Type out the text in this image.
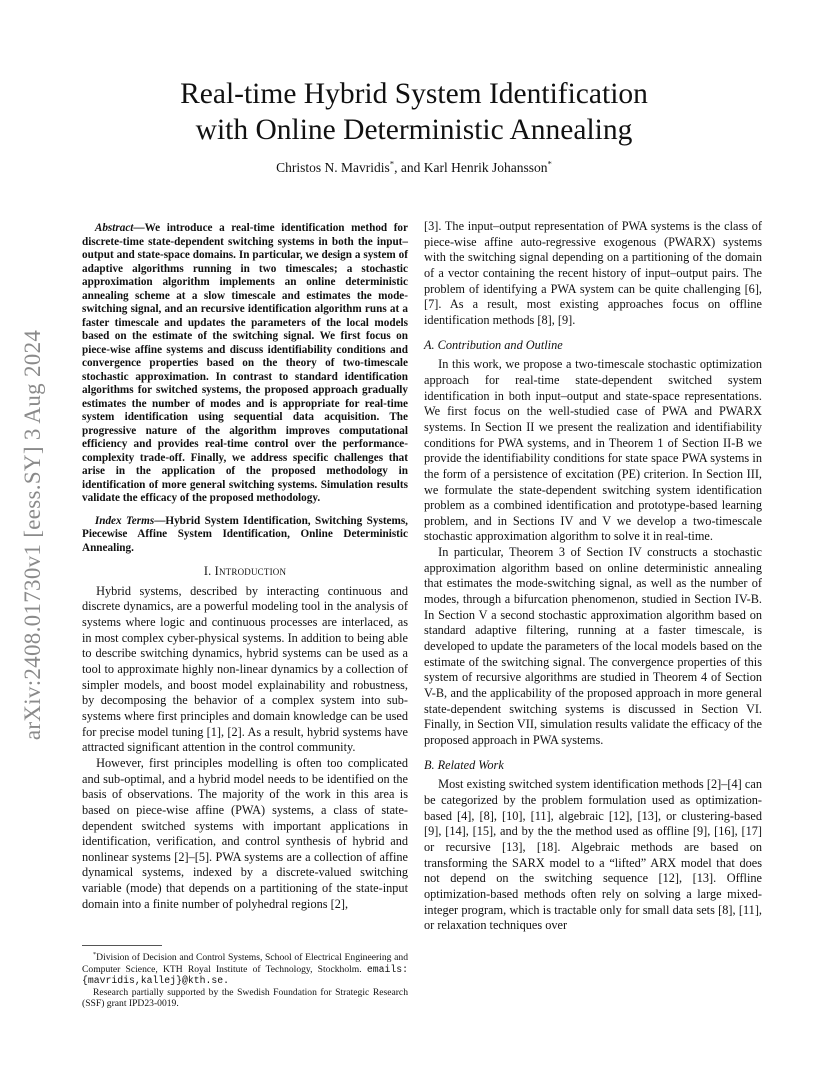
arXiv:2408.01730v1 [eess.SY] 3 Aug 2024
Real-time Hybrid System Identification
with Online Deterministic Annealing

Christos N. Mavridis*, and Karl Henrik Johansson*

Abstract—We introduce a real-time identification method for discrete-time state-dependent switching systems in both the input–output and state-space domains. In particular, we design a system of adaptive algorithms running in two timescales; a stochastic approximation algorithm implements an online deterministic annealing scheme at a slow timescale and estimates the mode-switching signal, and an recursive identification algorithm runs at a faster timescale and updates the parameters of the local models based on the estimate of the switching signal. We first focus on piece-wise affine systems and discuss identifiability conditions and convergence properties based on the theory of two-timescale stochastic approximation. In contrast to standard identification algorithms for switched systems, the proposed approach gradually estimates the number of modes and is appropriate for real-time system identification using sequential data acquisition. The progressive nature of the algorithm improves computational efficiency and provides real-time control over the performance-complexity trade-off. Finally, we address specific challenges that arise in the application of the proposed methodology in identification of more general switching systems. Simulation results validate the efficacy of the proposed methodology.

Index Terms—Hybrid System Identification, Switching Systems, Piecewise Affine System Identification, Online Deterministic Annealing.

I. Introduction

Hybrid systems, described by interacting continuous and discrete dynamics, are a powerful modeling tool in the analysis of systems where logic and continuous processes are interlaced, as in most complex cyber-physical systems. In addition to being able to describe switching dynamics, hybrid systems can be used as a tool to approximate highly non-linear dynamics by a collection of simpler models, and boost model explainability and robustness, by decomposing the behavior of a complex system into sub-systems where first principles and domain knowledge can be used for precise model tuning [1], [2]. As a result, hybrid systems have attracted significant attention in the control community.

However, first principles modelling is often too complicated and sub-optimal, and a hybrid model needs to be identified on the basis of observations. The majority of the work in this area is based on piece-wise affine (PWA) systems, a class of state-dependent switched systems with important applications in identification, verification, and control synthesis of hybrid and nonlinear systems [2]–[5]. PWA systems are a collection of affine dynamical systems, indexed by a discrete-valued switching variable (mode) that depends on a partitioning of the state-input domain into a finite number of polyhedral regions [2],

*Division of Decision and Control Systems, School of Electrical Engineering and Computer Science, KTH Royal Institute of Technology, Stockholm. emails:{mavridis,kallej}@kth.se.

Research partially supported by the Swedish Foundation for Strategic Research (SSF) grant IPD23-0019.

[3]. The input–output representation of PWA systems is the class of piece-wise affine auto-regressive exogenous (PWARX) systems with the switching signal depending on a partitioning of the domain of a vector containing the recent history of input–output pairs. The problem of identifying a PWA system can be quite challenging [6], [7]. As a result, most existing approaches focus on offline identification methods [8], [9].

A. Contribution and Outline

In this work, we propose a two-timescale stochastic optimization approach for real-time state-dependent switched system identification in both input–output and state-space representations. We first focus on the well-studied case of PWA and PWARX systems. In Section II we present the realization and identifiability conditions for PWA systems, and in Theorem 1 of Section II-B we provide the identifiability conditions for state space PWA systems in the form of a persistence of excitation (PE) criterion. In Section III, we formulate the state-dependent switching system identification problem as a combined identification and prototype-based learning problem, and in Sections IV and V we develop a two-timescale stochastic approximation algorithm to solve it in real-time.

In particular, Theorem 3 of Section IV constructs a stochastic approximation algorithm based on online deterministic annealing that estimates the mode-switching signal, as well as the number of modes, through a bifurcation phenomenon, studied in Section IV-B. In Section V a second stochastic approximation algorithm based on standard adaptive filtering, running at a faster timescale, is developed to update the parameters of the local models based on the estimate of the switching signal. The convergence properties of this system of recursive algorithms are studied in Theorem 4 of Section V-B, and the applicability of the proposed approach in more general state-dependent switching systems is discussed in Section VI. Finally, in Section VII, simulation results validate the efficacy of the proposed approach in PWA systems.

B. Related Work

Most existing switched system identification methods [2]–[4] can be categorized by the problem formulation used as optimization-based [4], [8], [10], [11], algebraic [12], [13], or clustering-based [9], [14], [15], and by the the method used as offline [9], [16], [17] or recursive [13], [18]. Algebraic methods are based on transforming the SARX model to a “lifted” ARX model that does not depend on the switching sequence [12], [13]. Offline optimization-based methods often rely on solving a large mixed-integer program, which is tractable only for small data sets [8], [11], or relaxation techniques over
